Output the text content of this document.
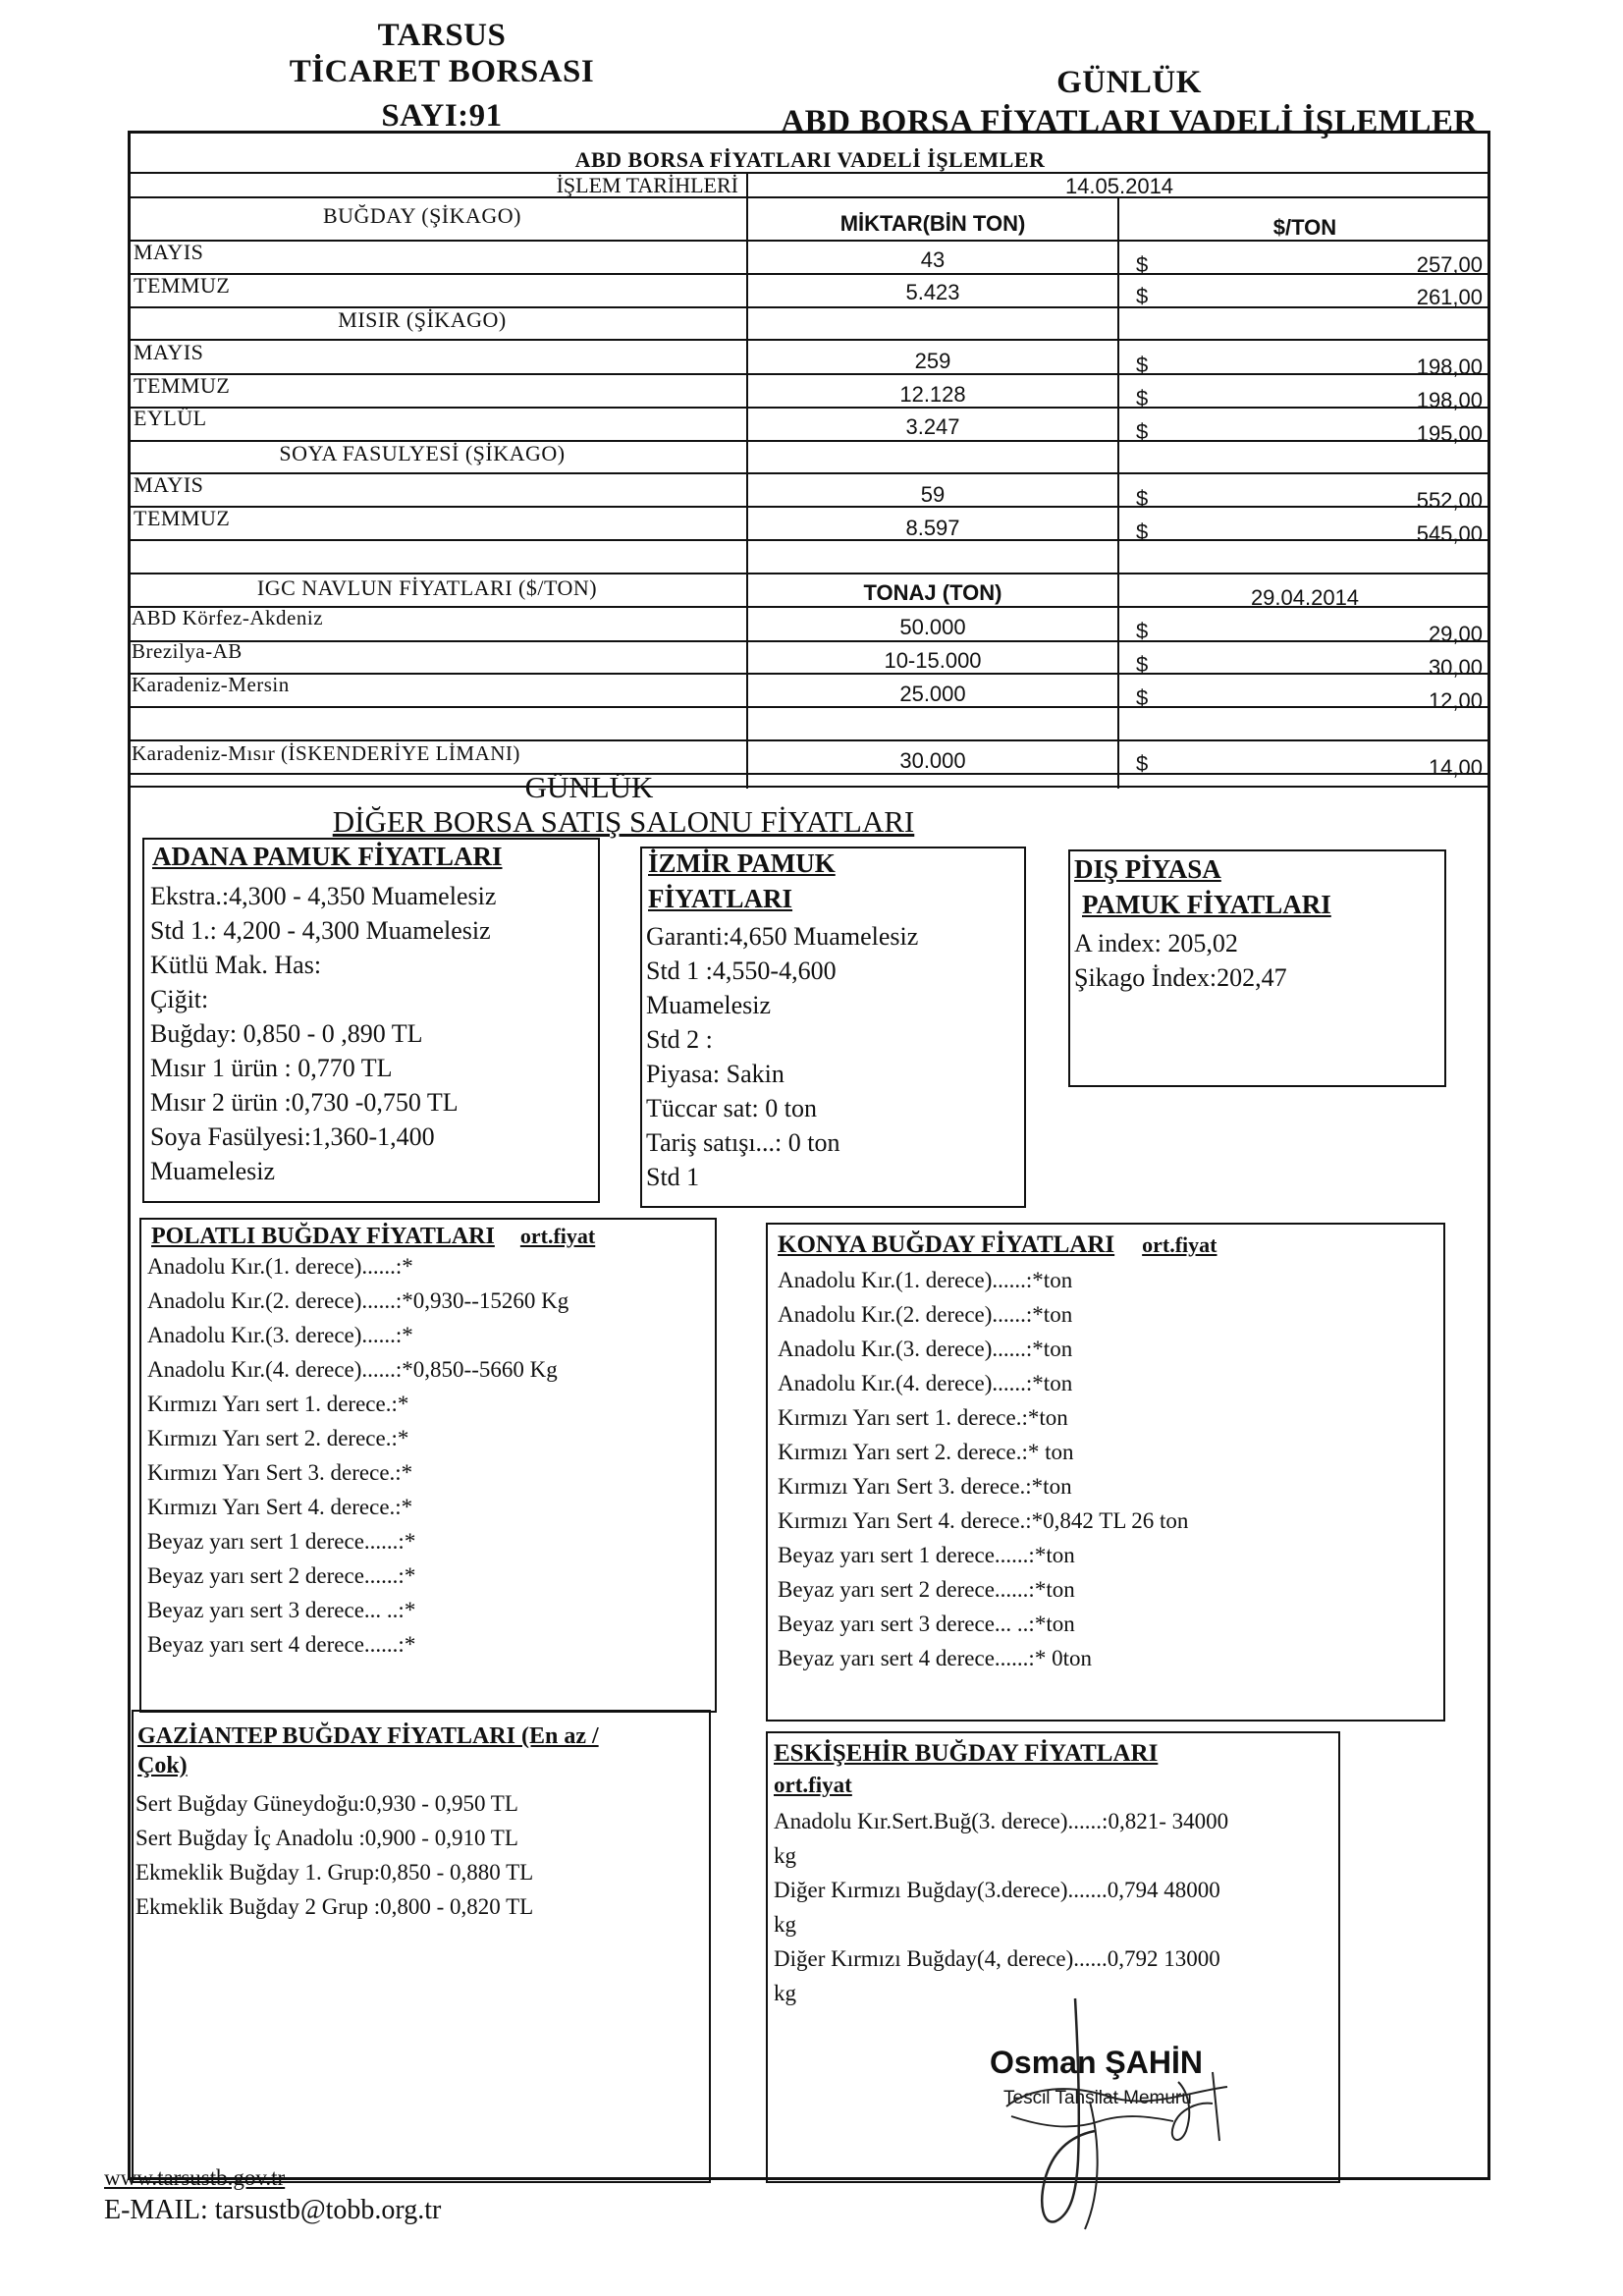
TARSUS
TİCARET BORSASI
SAYI:91
GÜNLÜK
ABD BORSA FİYATLARI VADELİ İŞLEMLER
ABD BORSA FİYATLARI VADELİ İŞLEMLER
İŞLEM TARİHLERİ	14.05.2014
BUĞDAY (ŞİKAGO)	MİKTAR(BİN TON)	$/TON
MAYIS	43	$	257,00
TEMMUZ	5.423	$	261,00
MISIR (ŞİKAGO)
MAYIS	259	$	198,00
TEMMUZ	12.128	$	198,00
EYLÜL	3.247	$	195,00
SOYA FASULYESİ (ŞİKAGO)
MAYIS	59	$	552,00
TEMMUZ	8.597	$	545,00
IGC NAVLUN FİYATLARI ($/TON)	TONAJ (TON)	29.04.2014
ABD Körfez-Akdeniz	50.000	$	29,00
Brezilya-AB	10-15.000	$	30,00
Karadeniz-Mersin	25.000	$	12,00
Karadeniz-Mısır (İSKENDERİYE LİMANI)	30.000	$	14,00
GÜNLÜK
DİĞER BORSA SATIŞ SALONU FİYATLARI
ADANA PAMUK FİYATLARI
Ekstra.:4,300 - 4,350 Muamelesiz
Std 1.: 4,200 - 4,300 Muamelesiz
Kütlü Mak. Has:
Çiğit:
Buğday: 0,850 - 0 ,890 TL
Mısır 1 ürün : 0,770 TL
Mısır 2 ürün :0,730 -0,750 TL
Soya Fasülyesi:1,360-1,400
Muamelesiz
İZMİR PAMUK
FİYATLARI
Garanti:4,650 Muamelesiz
Std 1 :4,550-4,600
Muamelesiz
Std 2 :
Piyasa: Sakin
Tüccar sat: 0 ton
Tariş satışı...: 0 ton
Std 1
DIŞ PİYASA
PAMUK FİYATLARI
A index: 205,02
Şikago İndex:202,47
POLATLI BUĞDAY FİYATLARI ort.fiyat
Anadolu Kır.(1. derece)......:*
Anadolu Kır.(2. derece)......:*0,930--15260 Kg
Anadolu Kır.(3. derece)......:*
Anadolu Kır.(4. derece)......:*0,850--5660 Kg
Kırmızı Yarı sert 1. derece.:*
Kırmızı Yarı sert 2. derece.:*
Kırmızı Yarı Sert 3. derece.:*
Kırmızı Yarı Sert 4. derece.:*
Beyaz yarı sert 1 derece......:*
Beyaz yarı sert 2 derece......:*
Beyaz yarı sert 3 derece... ..:*
Beyaz yarı sert 4 derece......:*
KONYA BUĞDAY FİYATLARI ort.fiyat
Anadolu Kır.(1. derece)......:*ton
Anadolu Kır.(2. derece)......:*ton
Anadolu Kır.(3. derece)......:*ton
Anadolu Kır.(4. derece)......:*ton
Kırmızı Yarı sert 1. derece.:*ton
Kırmızı Yarı sert 2. derece.:* ton
Kırmızı Yarı Sert 3. derece.:*ton
Kırmızı Yarı Sert 4. derece.:*0,842 TL 26 ton
Beyaz yarı sert 1 derece......:*ton
Beyaz yarı sert 2 derece......:*ton
Beyaz yarı sert 3 derece... ..:*ton
Beyaz yarı sert 4 derece......:* 0ton
GAZİANTEP BUĞDAY FİYATLARI (En az /
Çok)
Sert Buğday Güneydoğu:0,930 - 0,950 TL
Sert Buğday İç Anadolu :0,900 - 0,910 TL
Ekmeklik Buğday 1. Grup:0,850 - 0,880 TL
Ekmeklik Buğday 2 Grup :0,800 - 0,820 TL
ESKİŞEHİR BUĞDAY FİYATLARI
ort.fiyat
Anadolu Kır.Sert.Buğ(3. derece)......:0,821- 34000
kg
Diğer Kırmızı Buğday(3.derece).......0,794 48000
kg
Diğer Kırmızı Buğday(4, derece)......0,792 13000
kg
Osman ŞAHİN
Tescil Tahsilat Memuru
www.tarsustb.gov.tr
E-MAIL: tarsustb@tobb.org.tr
